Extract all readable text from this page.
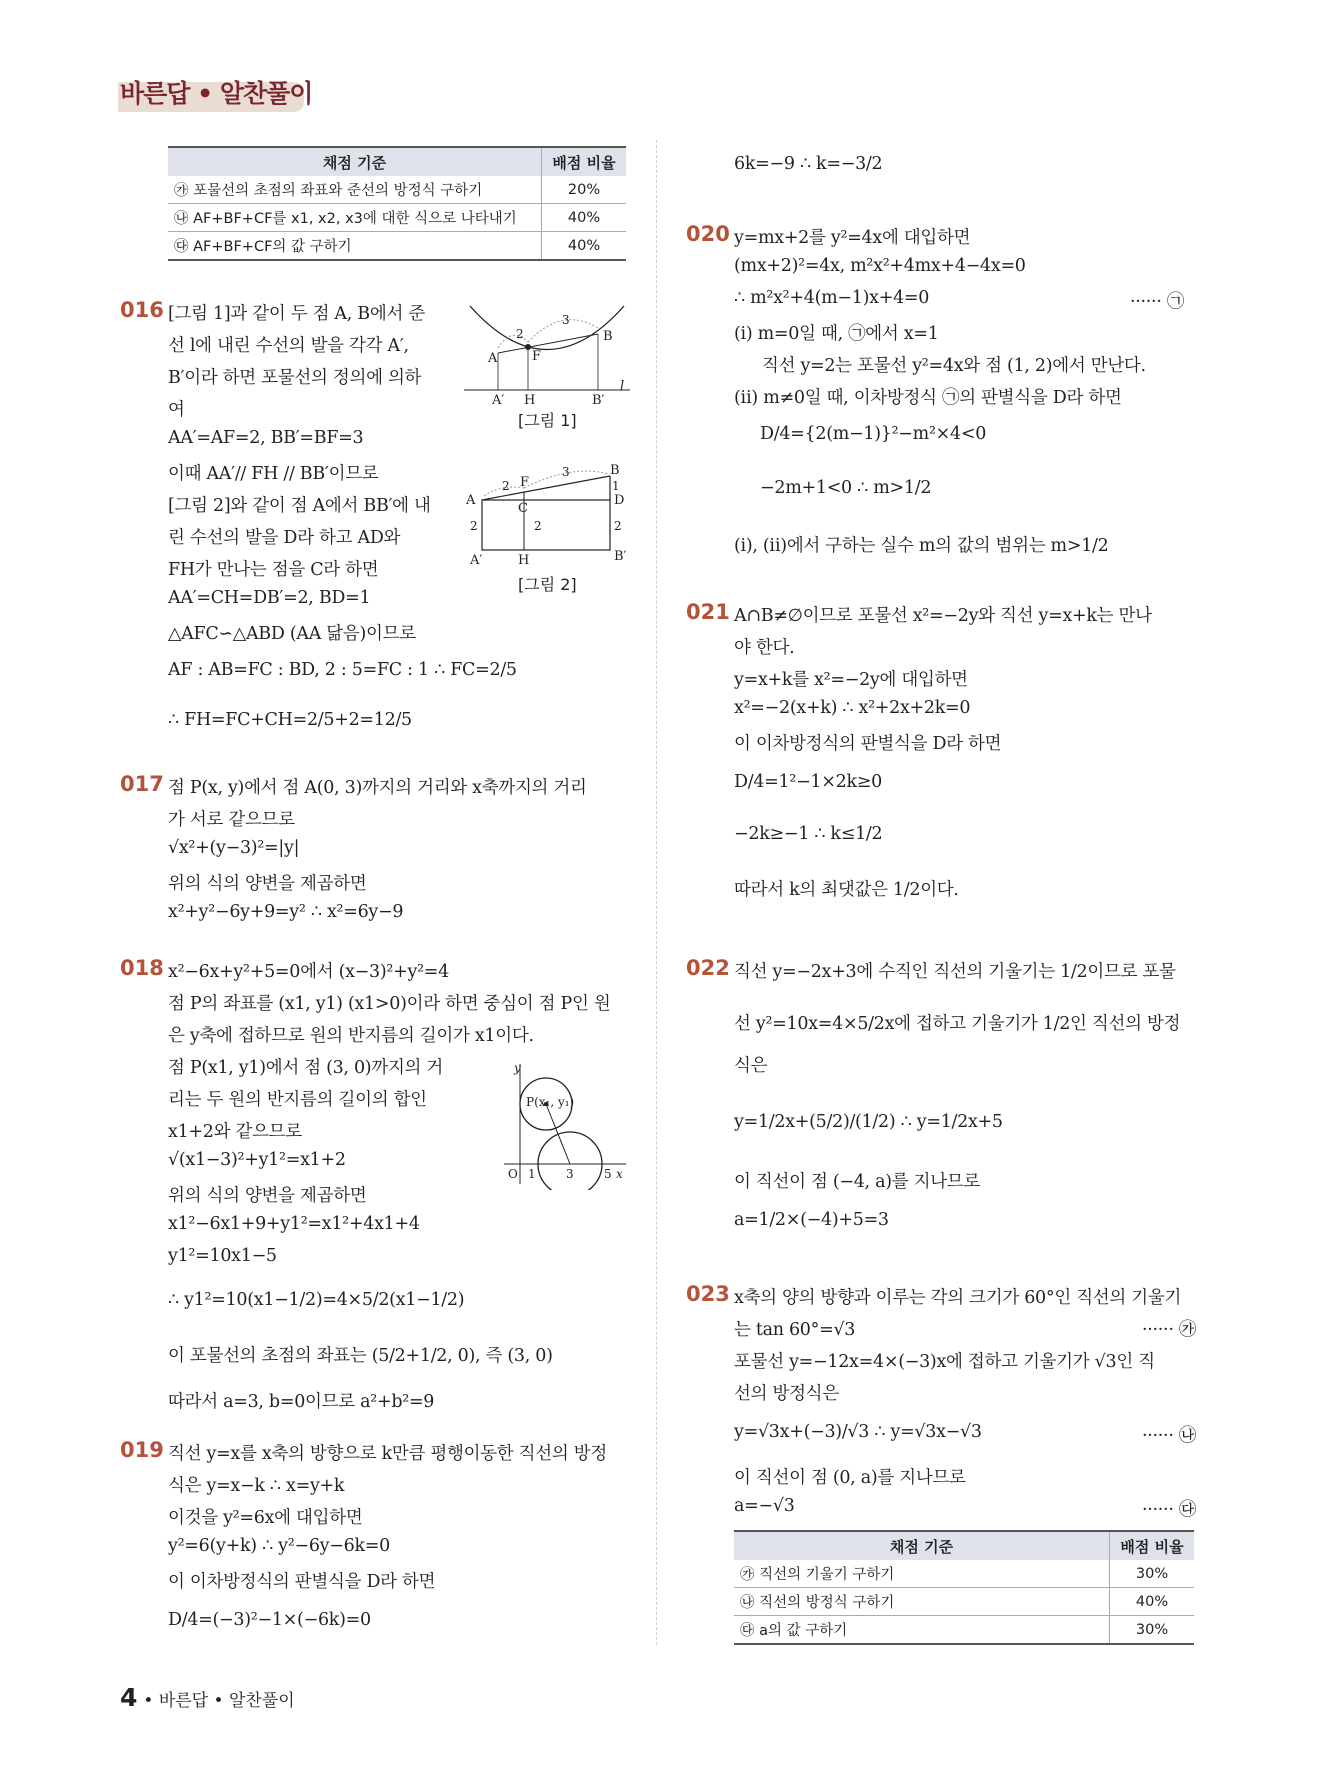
바른답 • 알찬풀이
채점 기준	배점 비율
㉮ 포물선의 초점의 좌표와 준선의 방정식 구하기	20%
㉯ AF+BF+CF를 x1, x2, x3에 대한 식으로 나타내기	40%
㉰ AF+BF+CF의 값 구하기	40%
016 [그림 1]과 같이 두 점 A, B에서 준
선 l에 내린 수선의 발을 각각 A′,
B′이라 하면 포물선의 정의에 의하
여
AA′=AF=2, BB′=BF=3
이때 AA′// FH // BB′이므로
[그림 2]와 같이 점 A에서 BB′에 내
린 수선의 발을 D라 하고 AD와
FH가 만나는 점을 C라 하면
AA′=CH=DB′=2, BD=1
△AFC∽△ABD (AA 닮음)이므로
AF : AB=FC : BD, 2 : 5=FC : 1 ∴ FC=2/5
∴ FH=FC+CH=2/5+2=12/5
2
3
A
B
F
A′ H	B′
l
[그림 1]
2
3
A
B
F
C
D
1
2	2	2
A′	H	B′
[그림 2]
017 점 P(x, y)에서 점 A(0, 3)까지의 거리와 x축까지의 거리
가 서로 같으므로
√x²+(y−3)²=|y|
위의 식의 양변을 제곱하면
x²+y²−6y+9=y² ∴ x²=6y−9
018 x²−6x+y²+5=0에서 (x−3)²+y²=4
점 P의 좌표를 (x1, y1) (x1>0)이라 하면 중심이 점 P인 원
은 y축에 접하므로 원의 반지름의 길이가 x1이다.
점 P(x1, y1)에서 점 (3, 0)까지의 거
리는 두 원의 반지름의 길이의 합인
x1+2와 같으므로
√(x1−3)²+y1²=x1+2
위의 식의 양변을 제곱하면
x1²−6x1+9+y1²=x1²+4x1+4
y1²=10x1−5
∴ y1²=10(x1−1/2)=4×5/2(x1−1/2)
이 포물선의 초점의 좌표는 (5/2+1/2, 0), 즉 (3, 0)
따라서 a=3, b=0이므로 a²+b²=9
y
P(x₁, y₁)
O 1	3	5 x
019 직선 y=x를 x축의 방향으로 k만큼 평행이동한 직선의 방정
식은 y=x−k ∴ x=y+k
이것을 y²=6x에 대입하면
y²=6(y+k) ∴ y²−6y−6k=0
이 이차방정식의 판별식을 D라 하면
D/4=(−3)²−1×(−6k)=0
6k=−9 ∴ k=−3/2
020 y=mx+2를 y²=4x에 대입하면
(mx+2)²=4x, m²x²+4mx+4−4x=0
∴ m²x²+4(m−1)x+4=0	······ ㉠
(ⅰ) m=0일 때, ㉠에서 x=1
직선 y=2는 포물선 y²=4x와 점 (1, 2)에서 만난다.
(ⅱ) m≠0일 때, 이차방정식 ㉠의 판별식을 D라 하면
D/4={2(m−1)}²−m²×4<0
−2m+1<0 ∴ m>1/2
(ⅰ), (ⅱ)에서 구하는 실수 m의 값의 범위는 m>1/2
021 A∩B≠∅이므로 포물선 x²=−2y와 직선 y=x+k는 만나
야 한다.
y=x+k를 x²=−2y에 대입하면
x²=−2(x+k) ∴ x²+2x+2k=0
이 이차방정식의 판별식을 D라 하면
D/4=1²−1×2k≥0
−2k≥−1 ∴ k≤1/2
따라서 k의 최댓값은 1/2이다.
022 직선 y=−2x+3에 수직인 직선의 기울기는 1/2이므로 포물
선 y²=10x=4×5/2x에 접하고 기울기가 1/2인 직선의 방정
식은
y=1/2x+(5/2)/(1/2) ∴ y=1/2x+5
이 직선이 점 (−4, a)를 지나므로
a=1/2×(−4)+5=3
023 x축의 양의 방향과 이루는 각의 크기가 60°인 직선의 기울기
는 tan 60°=√3	······ ㉮
포물선 y=−12x=4×(−3)x에 접하고 기울기가 √3인 직
선의 방정식은
y=√3x+(−3)/√3 ∴ y=√3x−√3	······ ㉯
이 직선이 점 (0, a)를 지나므로
a=−√3	······ ㉰
채점 기준	배점 비율
㉮ 직선의 기울기 구하기	30%
㉯ 직선의 방정식 구하기	40%
㉰ a의 값 구하기	30%
4 • 바른답 • 알찬풀이
